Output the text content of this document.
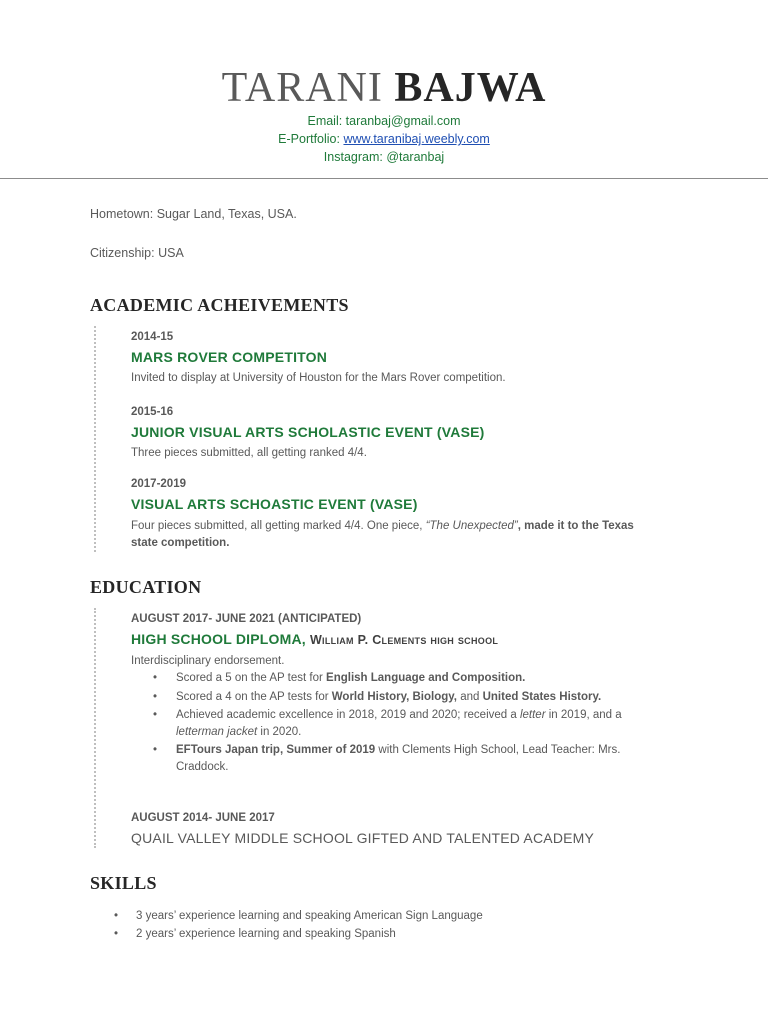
TARANI BAJWA
Email: taranbaj@gmail.com
E-Portfolio: www.taranibaj.weebly.com
Instagram: @taranbaj
Hometown: Sugar Land, Texas, USA.
Citizenship: USA
ACADEMIC ACHEIVEMENTS
2014-15
MARS ROVER COMPETITON
Invited to display at University of Houston for the Mars Rover competition.
2015-16
JUNIOR VISUAL ARTS SCHOLASTIC EVENT (VASE)
Three pieces submitted, all getting ranked 4/4.
2017-2019
VISUAL ARTS SCHOASTIC EVENT (VASE)
Four pieces submitted, all getting marked 4/4. One piece, “The Unexpected”, made it to the Texas state competition.
EDUCATION
AUGUST 2017- JUNE 2021 (ANTICIPATED)
HIGH SCHOOL DIPLOMA, William P. Clements high school
Interdisciplinary endorsement.
• Scored a 5 on the AP test for English Language and Composition.
• Scored a 4 on the AP tests for World History, Biology, and United States History.
• Achieved academic excellence in 2018, 2019 and 2020; received a letter in 2019, and a letterman jacket in 2020.
• EFTours Japan trip, Summer of 2019 with Clements High School, Lead Teacher: Mrs. Craddock.
AUGUST 2014- JUNE 2017
QUAIL VALLEY MIDDLE SCHOOL GIFTED AND TALENTED ACADEMY
SKILLS
• 3 years’ experience learning and speaking American Sign Language
• 2 years’ experience learning and speaking Spanish
